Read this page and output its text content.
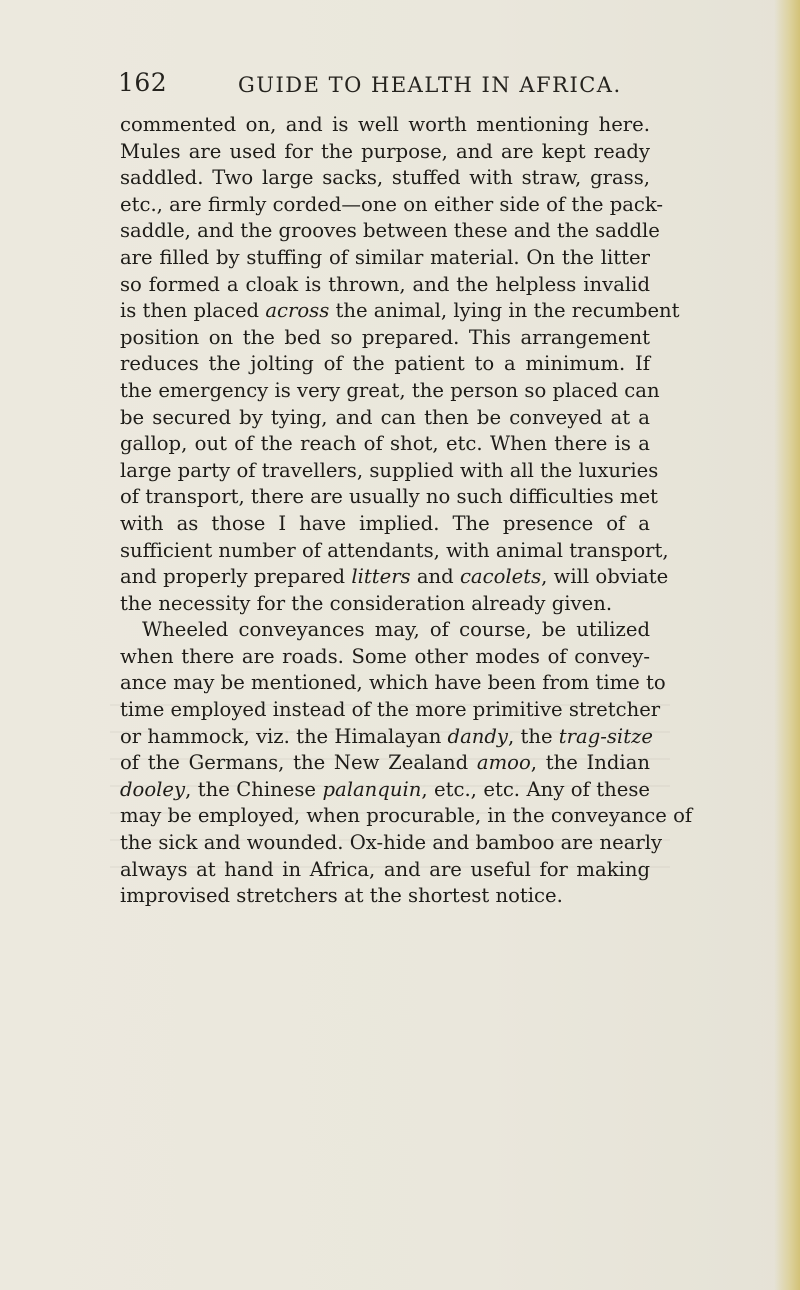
162	GUIDE TO HEALTH IN AFRICA.
commented on, and is well worth mentioning here.
Mules are used for the purpose, and are kept ready
saddled. Two large sacks, stuffed with straw, grass,
etc., are firmly corded—one on either side of the pack-
saddle, and the grooves between these and the saddle
are filled by stuffing of similar material. On the litter
so formed a cloak is thrown, and the helpless invalid
is then placed across the animal, lying in the recumbent
position on the bed so prepared. This arrangement
reduces the jolting of the patient to a minimum. If
the emergency is very great, the person so placed can
be secured by tying, and can then be conveyed at a
gallop, out of the reach of shot, etc. When there is a
large party of travellers, supplied with all the luxuries
of transport, there are usually no such difficulties met
with as those I have implied. The presence of a
sufficient number of attendants, with animal transport,
and properly prepared litters and cacolets, will obviate
the necessity for the consideration already given.
Wheeled conveyances may, of course, be utilized
when there are roads. Some other modes of convey-
ance may be mentioned, which have been from time to
time employed instead of the more primitive stretcher
or hammock, viz. the Himalayan dandy, the trag-sitze
of the Germans, the New Zealand amoo, the Indian
dooley, the Chinese palanquin, etc., etc. Any of these
may be employed, when procurable, in the conveyance of
the sick and wounded. Ox-hide and bamboo are nearly
always at hand in Africa, and are useful for making
improvised stretchers at the shortest notice.
